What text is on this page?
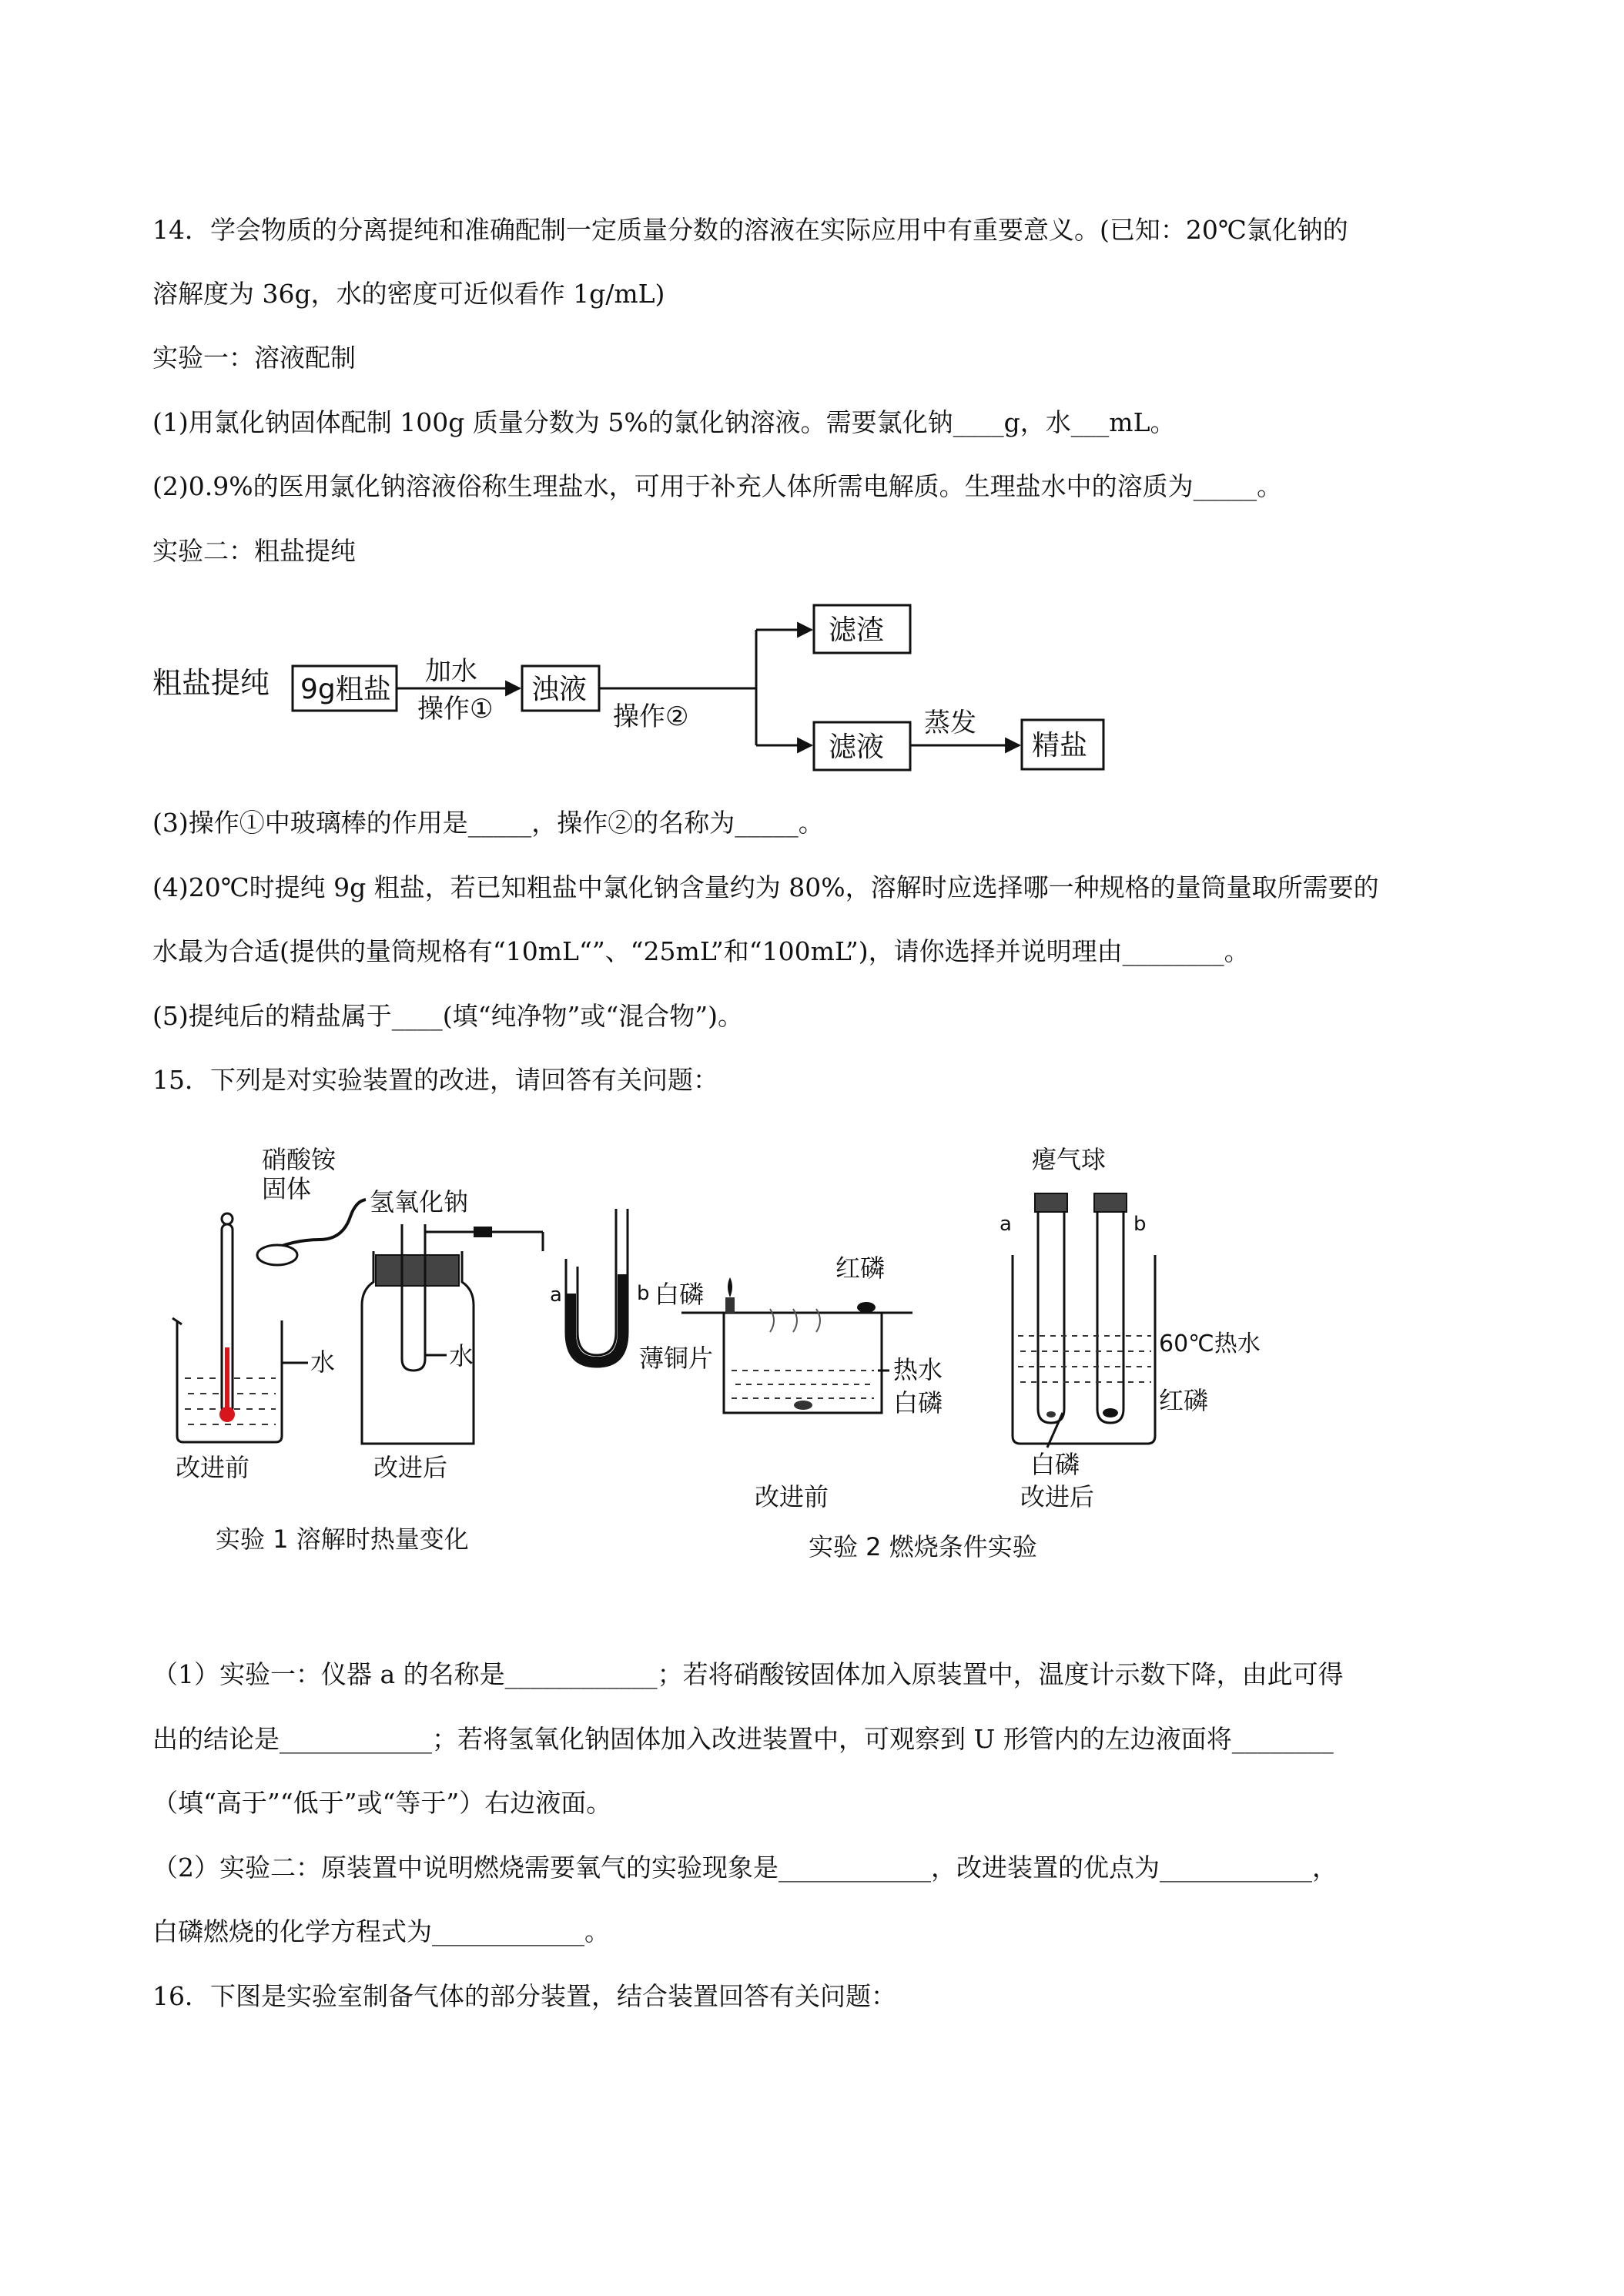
14．学会物质的分离提纯和准确配制一定质量分数的溶液在实际应用中有重要意义。(已知：20℃氯化钠的
溶解度为 36g，水的密度可近似看作 1g/mL)
实验一：溶液配制
(1)用氯化钠固体配制 100g 质量分数为 5%的氯化钠溶液。需要氯化钠____g，水___mL。
(2)0.9%的医用氯化钠溶液俗称生理盐水，可用于补充人体所需电解质。生理盐水中的溶质为_____。
实验二：粗盐提纯
粗盐提纯 9g粗盐
加水
操作①
浊液
操作②
滤渣
滤液
蒸发
精盐
(3)操作①中玻璃棒的作用是_____，操作②的名称为_____。
(4)20℃时提纯 9g 粗盐，若已知粗盐中氯化钠含量约为 80%，溶解时应选择哪一种规格的量筒量取所需要的
水最为合适(提供的量筒规格有“10mL“”、“25mL”和“100mL”)，请你选择并说明理由________。
(5)提纯后的精盐属于____(填“纯净物”或“混合物”)。
15．下列是对实验装置的改进，请回答有关问题：
硝酸铵
固体
水
改进前
氢氧化钠
水
a	b
改进后
实验 1 溶解时热量变化
红磷
白磷
薄铜片	热水
白磷
改进前
瘪气球
a	b
60℃热水
红磷
白磷
改进后
实验 2 燃烧条件实验
（1）实验一：仪器 a 的名称是____________；若将硝酸铵固体加入原装置中，温度计示数下降，由此可得
出的结论是____________；若将氢氧化钠固体加入改进装置中，可观察到 U 形管内的左边液面将________
（填“高于”“低于”或“等于”）右边液面。
（2）实验二：原装置中说明燃烧需要氧气的实验现象是____________，改进装置的优点为____________，
白磷燃烧的化学方程式为____________。
16．下图是实验室制备气体的部分装置，结合装置回答有关问题：
